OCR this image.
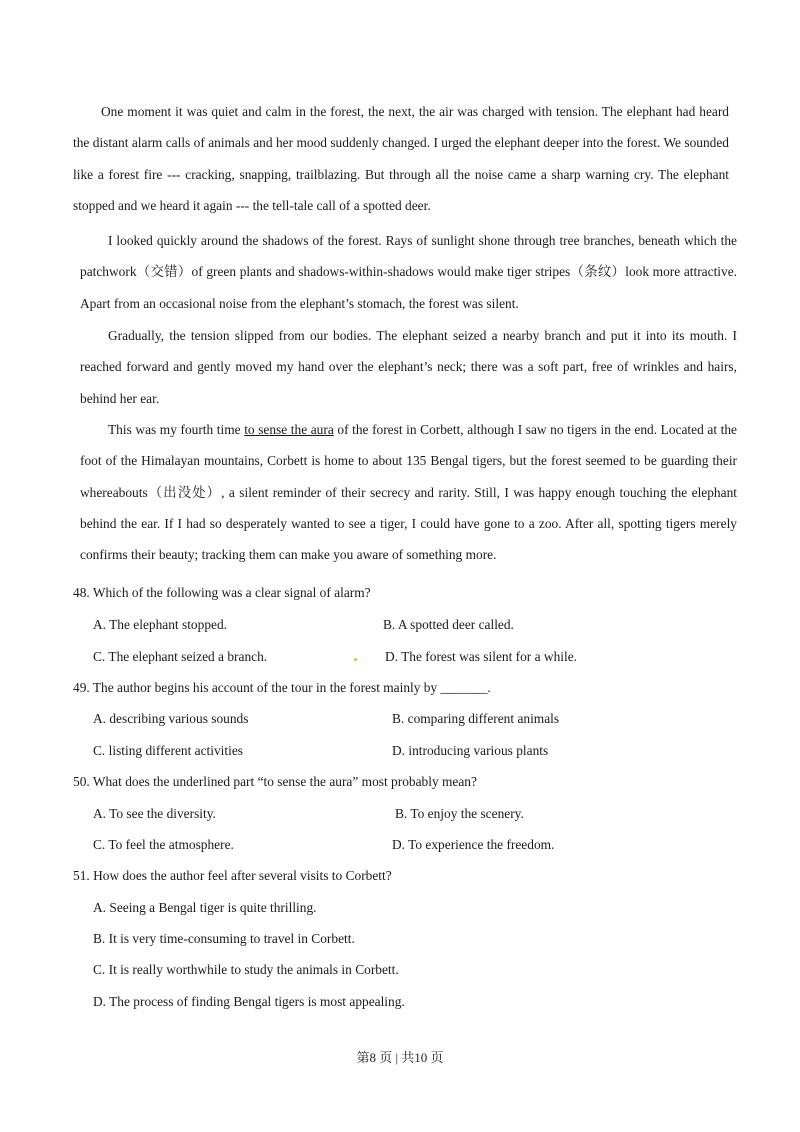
One moment it was quiet and calm in the forest, the next, the air was charged with tension. The elephant had heard the distant alarm calls of animals and her mood suddenly changed. I urged the elephant deeper into the forest. We sounded like a forest fire --- cracking, snapping, trailblazing. But through all the noise came a sharp warning cry. The elephant stopped and we heard it again --- the tell-tale call of a spotted deer.

I looked quickly around the shadows of the forest. Rays of sunlight shone through tree branches, beneath which the patchwork（交错）of green plants and shadows-within-shadows would make tiger stripes（条纹）look more attractive. Apart from an occasional noise from the elephant’s stomach, the forest was silent.

Gradually, the tension slipped from our bodies. The elephant seized a nearby branch and put it into its mouth. I reached forward and gently moved my hand over the elephant’s neck; there was a soft part, free of wrinkles and hairs, behind her ear.

This was my fourth time to sense the aura of the forest in Corbett, although I saw no tigers in the end. Located at the foot of the Himalayan mountains, Corbett is home to about 135 Bengal tigers, but the forest seemed to be guarding their whereabouts（出没处）, a silent reminder of their secrecy and rarity. Still, I was happy enough touching the elephant behind the ear. If I had so desperately wanted to see a tiger, I could have gone to a zoo. After all, spotting tigers merely confirms their beauty; tracking them can make you aware of something more.

48. Which of the following was a clear signal of alarm?
A. The elephant stopped.	B. A spotted deer called.
C. The elephant seized a branch.	D. The forest was silent for a while.
49. The author begins his account of the tour in the forest mainly by _______.
A. describing various sounds	B. comparing different animals
C. listing different activities	D. introducing various plants
50. What does the underlined part “to sense the aura” most probably mean?
A. To see the diversity.	B. To enjoy the scenery.
C. To feel the atmosphere.	D. To experience the freedom.
51. How does the author feel after several visits to Corbett?
A. Seeing a Bengal tiger is quite thrilling.
B. It is very time-consuming to travel in Corbett.
C. It is really worthwhile to study the animals in Corbett.
D. The process of finding Bengal tigers is most appealing.
第8 页 | 共10 页
